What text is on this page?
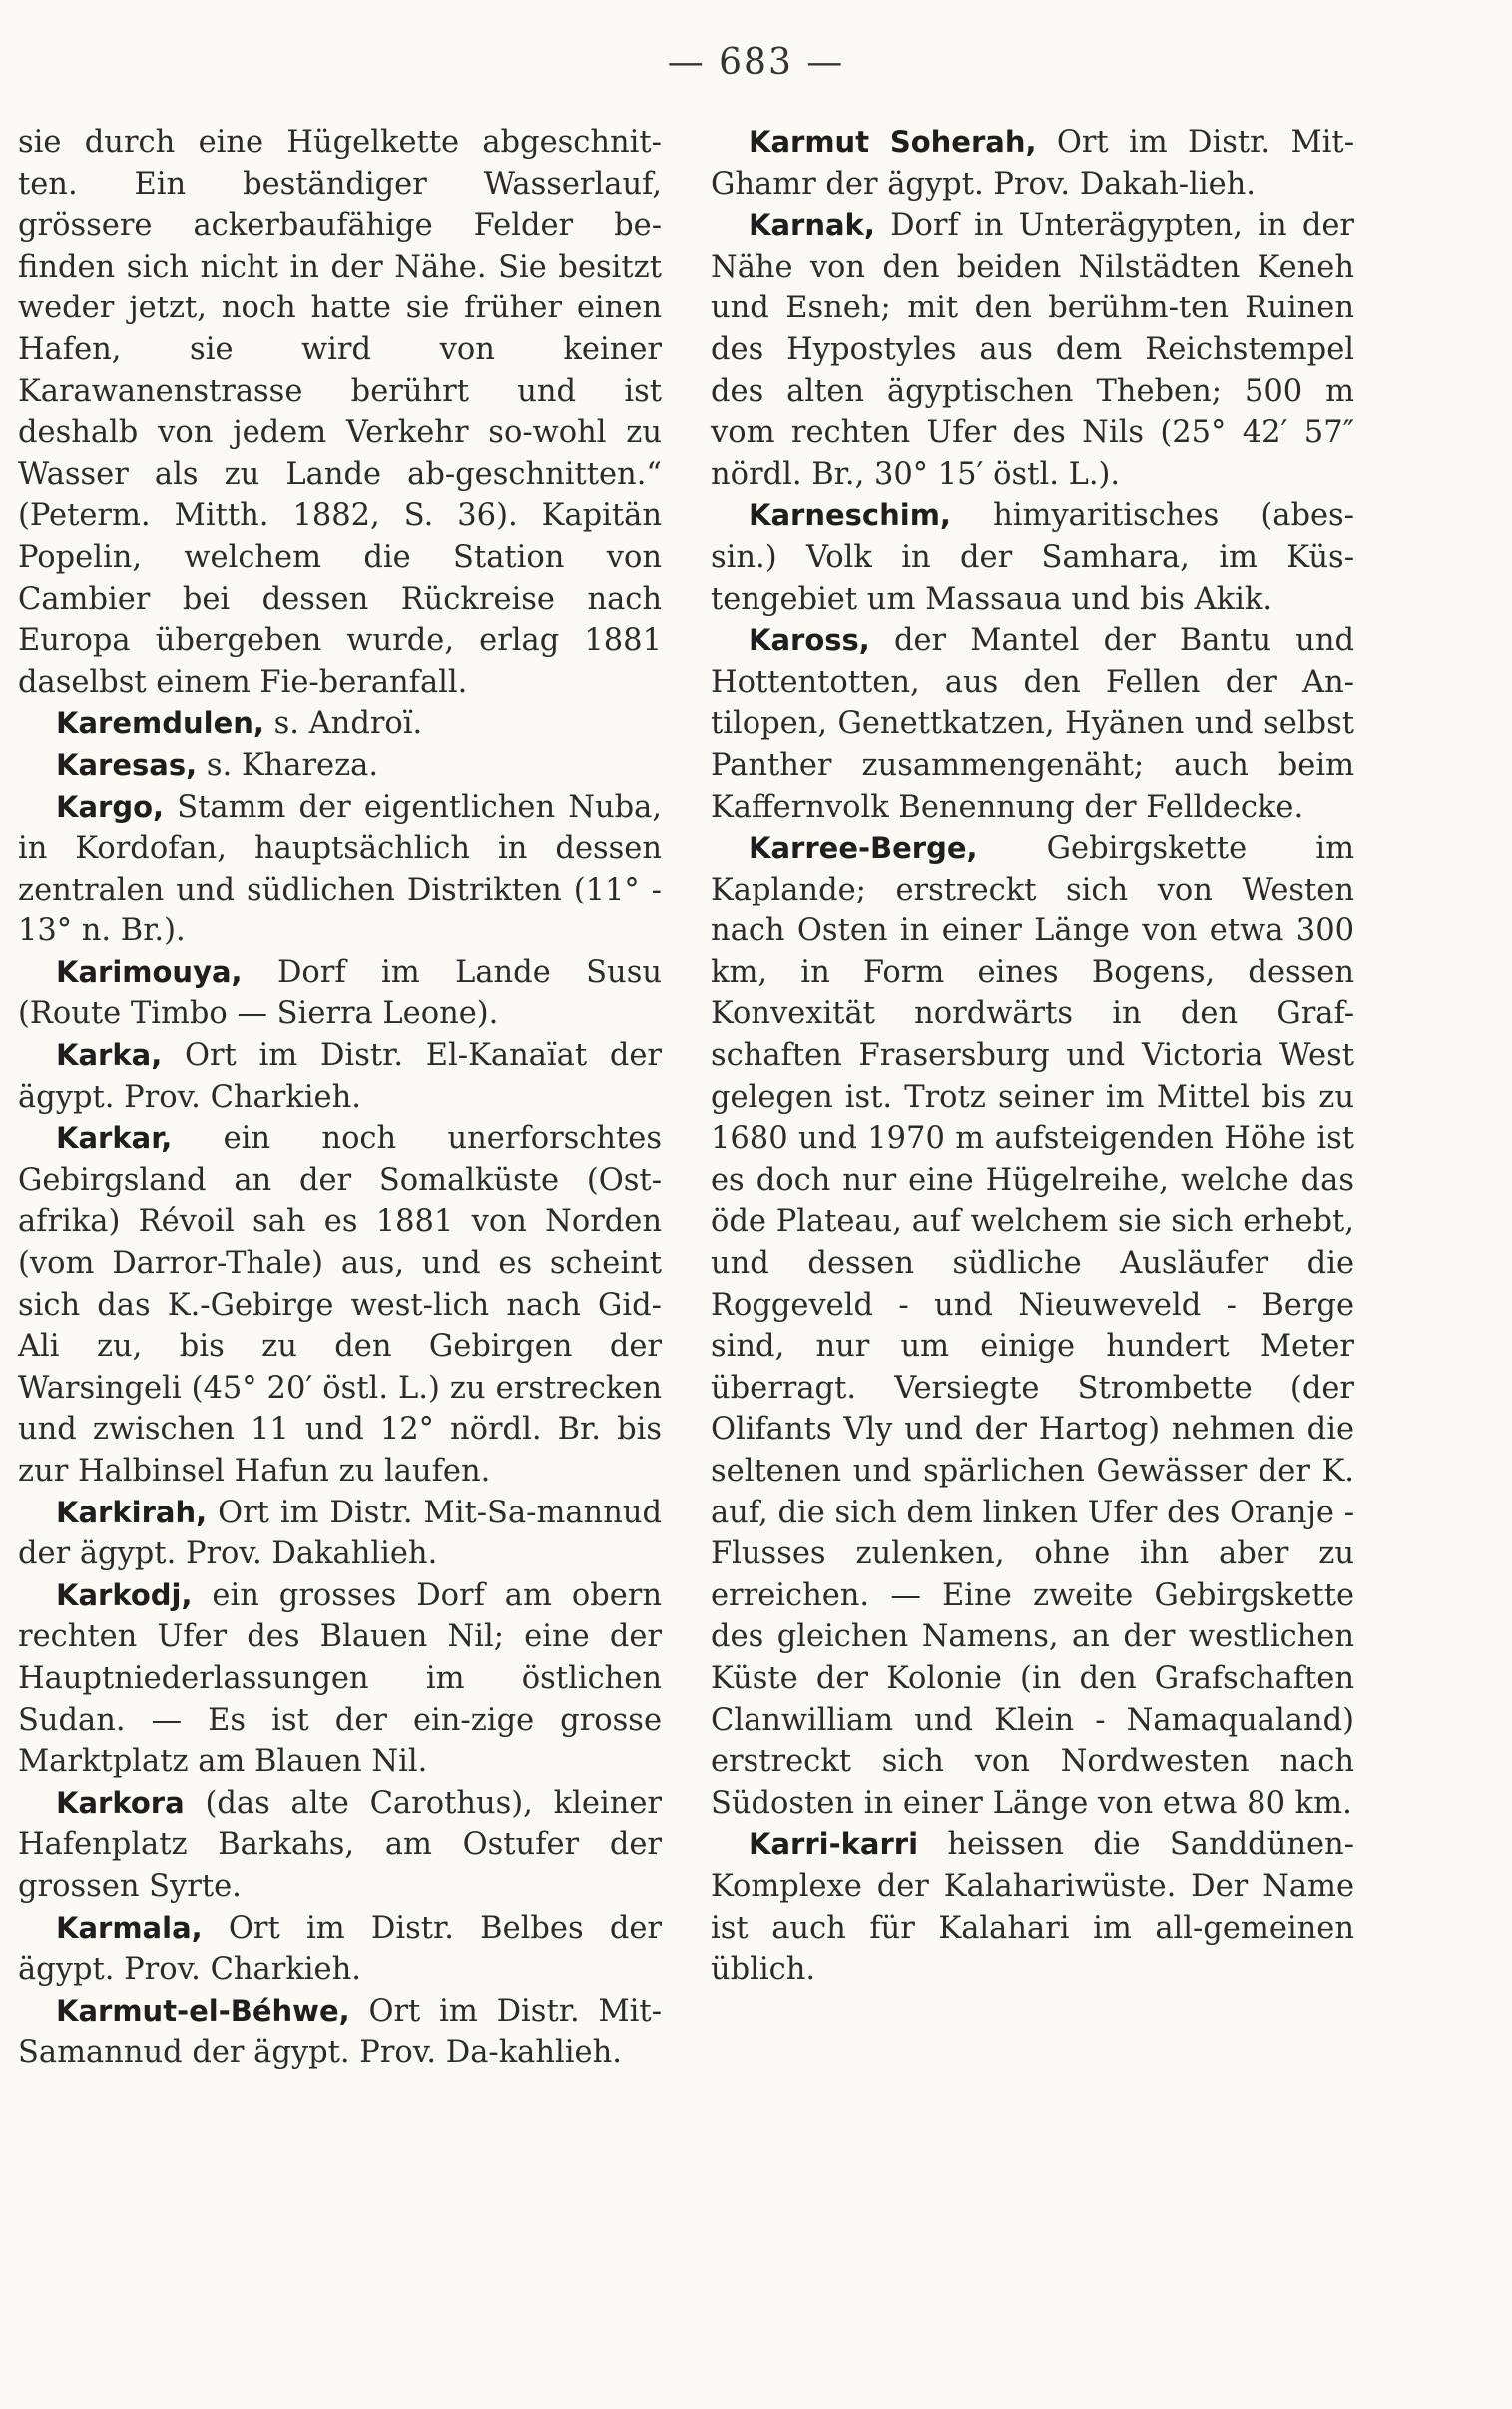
— 683 —

sie durch eine Hügelkette abgeschnit-ten. Ein beständiger Wasserlauf, grössere ackerbaufähige Felder be-finden sich nicht in der Nähe. Sie besitzt weder jetzt, noch hatte sie früher einen Hafen, sie wird von keiner Karawanenstrasse berührt und ist deshalb von jedem Verkehr so-wohl zu Wasser als zu Lande ab-geschnitten.“ (Peterm. Mitth. 1882, S. 36). Kapitän Popelin, welchem die Station von Cambier bei dessen Rückreise nach Europa übergeben wurde, erlag 1881 daselbst einem Fie-beranfall.

Karemdulen, s. Androï.

Karesas, s. Khareza.

Kargo, Stamm der eigentlichen Nuba, in Kordofan, hauptsächlich in dessen zentralen und südlichen Distrikten (11° - 13° n. Br.).

Karimouya, Dorf im Lande Susu (Route Timbo — Sierra Leone).

Karka, Ort im Distr. El-Kanaïat der ägypt. Prov. Charkieh.

Karkar, ein noch unerforschtes Gebirgsland an der Somalküste (Ost-afrika) Révoil sah es 1881 von Norden (vom Darror-Thale) aus, und es scheint sich das K.-Gebirge west-lich nach Gid-Ali zu, bis zu den Gebirgen der Warsingeli (45° 20′ östl. L.) zu erstrecken und zwischen 11 und 12° nördl. Br. bis zur Halbinsel Hafun zu laufen.

Karkirah, Ort im Distr. Mit-Sa-mannud der ägypt. Prov. Dakahlieh.

Karkodj, ein grosses Dorf am obern rechten Ufer des Blauen Nil; eine der Hauptniederlassungen im östlichen Sudan. — Es ist der ein-zige grosse Marktplatz am Blauen Nil.

Karkora (das alte Carothus), kleiner Hafenplatz Barkahs, am Ostufer der grossen Syrte.

Karmala, Ort im Distr. Belbes der ägypt. Prov. Charkieh.

Karmut-el-Béhwe, Ort im Distr. Mit-Samannud der ägypt. Prov. Da-kahlieh.

Karmut Soherah, Ort im Distr. Mit-Ghamr der ägypt. Prov. Dakah-lieh.

Karnak, Dorf in Unterägypten, in der Nähe von den beiden Nilstädten Keneh und Esneh; mit den berühm-ten Ruinen des Hypostyles aus dem Reichstempel des alten ägyptischen Theben; 500 m vom rechten Ufer des Nils (25° 42′ 57″ nördl. Br., 30° 15′ östl. L.).

Karneschim, himyaritisches (abes-sin.) Volk in der Samhara, im Küs-tengebiet um Massaua und bis Akik.

Kaross, der Mantel der Bantu und Hottentotten, aus den Fellen der An-tilopen, Genettkatzen, Hyänen und selbst Panther zusammengenäht; auch beim Kaffernvolk Benennung der Felldecke.

Karree-Berge, Gebirgskette im Kaplande; erstreckt sich von Westen nach Osten in einer Länge von etwa 300 km, in Form eines Bogens, dessen Konvexität nordwärts in den Graf-schaften Frasersburg und Victoria West gelegen ist. Trotz seiner im Mittel bis zu 1680 und 1970 m aufsteigenden Höhe ist es doch nur eine Hügelreihe, welche das öde Plateau, auf welchem sie sich erhebt, und dessen südliche Ausläufer die Roggeveld - und Nieuweveld - Berge sind, nur um einige hundert Meter überragt. Versiegte Strombette (der Olifants Vly und der Hartog) nehmen die seltenen und spärlichen Gewässer der K. auf, die sich dem linken Ufer des Oranje - Flusses zulenken, ohne ihn aber zu erreichen. — Eine zweite Gebirgskette des gleichen Namens, an der westlichen Küste der Kolonie (in den Grafschaften Clanwilliam und Klein - Namaqualand) erstreckt sich von Nordwesten nach Südosten in einer Länge von etwa 80 km.

Karri-karri heissen die Sanddünen-Komplexe der Kalahariwüste. Der Name ist auch für Kalahari im all-gemeinen üblich.
